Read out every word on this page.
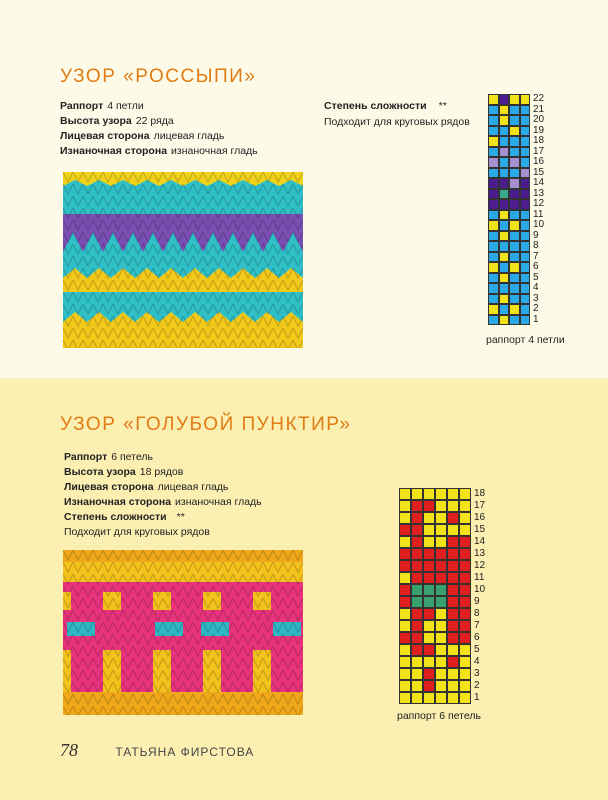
УЗОР «РОССЫПИ»
Раппорт 4 петли
Высота узора 22 ряда
Лицевая сторона лицевая гладь
Изнаночная сторона изнаночная гладь
Степень сложности **
Подходит для круговых рядов
22
21
20
19
18
17
16
15
14
13
12
11
10
9
8
7
6
5
4
3
2
1
раппорт 4 петли
УЗОР «ГОЛУБОЙ ПУНКТИР»
Раппорт 6 петель
Высота узора 18 рядов
Лицевая сторона лицевая гладь
Изнаночная сторона изнаночная гладь
Степень сложности **
Подходит для круговых рядов
18
17
16
15
14
13
12
11
10
9
8
7
6
5
4
3
2
1
раппорт 6 петель
78	ТАТЬЯНА ФИРСТОВА
